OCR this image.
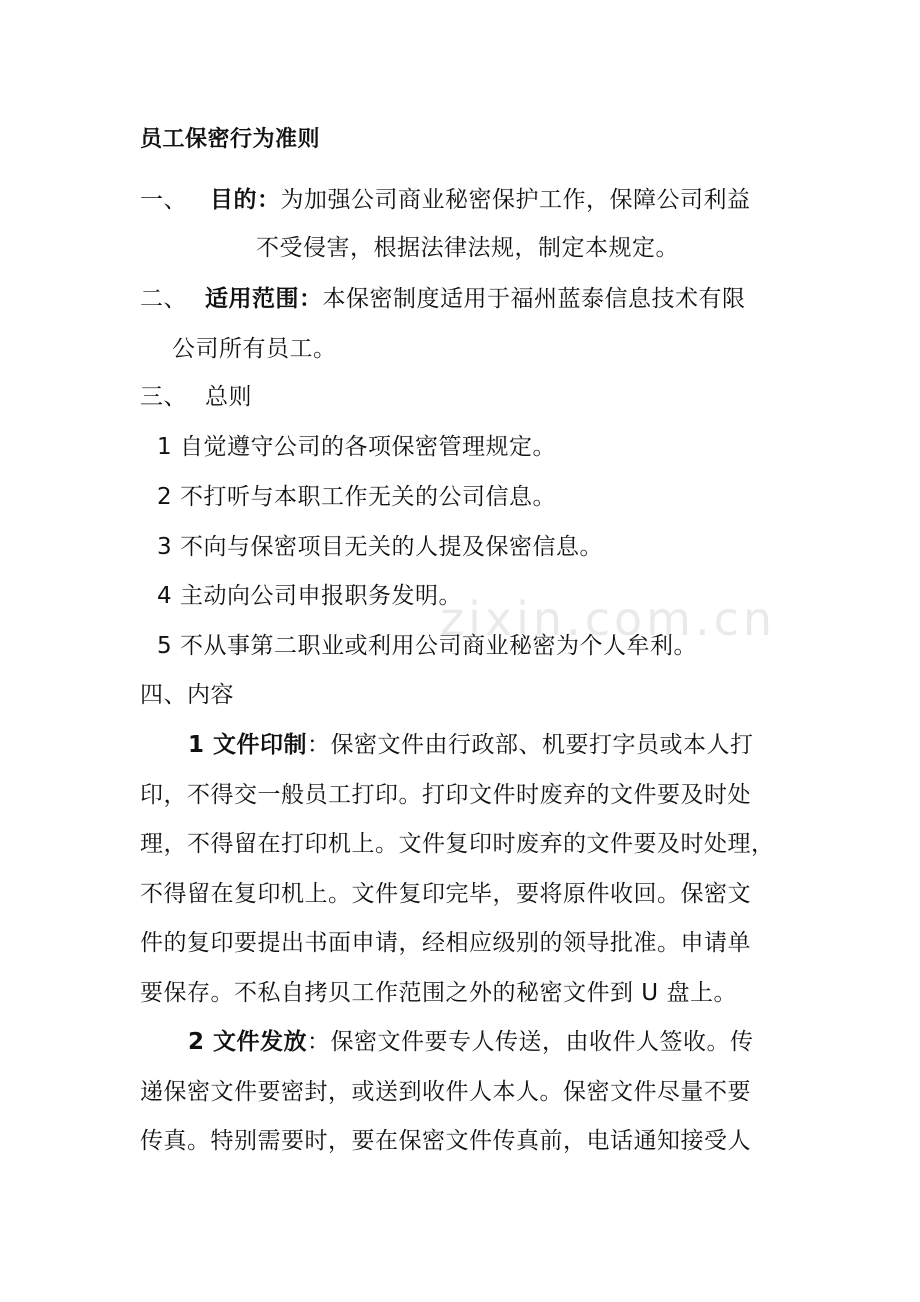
zixin.com.cn
员工保密行为准则
一、 目的：为加强公司商业秘密保护工作，保障公司利益
不受侵害，根据法律法规，制定本规定。
二、 适用范围：本保密制度适用于福州蓝泰信息技术有限
公司所有员工。
三、 总则
1 自觉遵守公司的各项保密管理规定。
2 不打听与本职工作无关的公司信息。
3 不向与保密项目无关的人提及保密信息。
4 主动向公司申报职务发明。
5 不从事第二职业或利用公司商业秘密为个人牟利。
四、内容
1 文件印制：保密文件由行政部、机要打字员或本人打
印，不得交一般员工打印。打印文件时废弃的文件要及时处
理，不得留在打印机上。文件复印时废弃的文件要及时处理，
不得留在复印机上。文件复印完毕，要将原件收回。保密文
件的复印要提出书面申请，经相应级别的领导批准。申请单
要保存。不私自拷贝工作范围之外的秘密文件到 U 盘上。
2 文件发放：保密文件要专人传送，由收件人签收。传
递保密文件要密封，或送到收件人本人。保密文件尽量不要
传真。特别需要时，要在保密文件传真前，电话通知接受人
